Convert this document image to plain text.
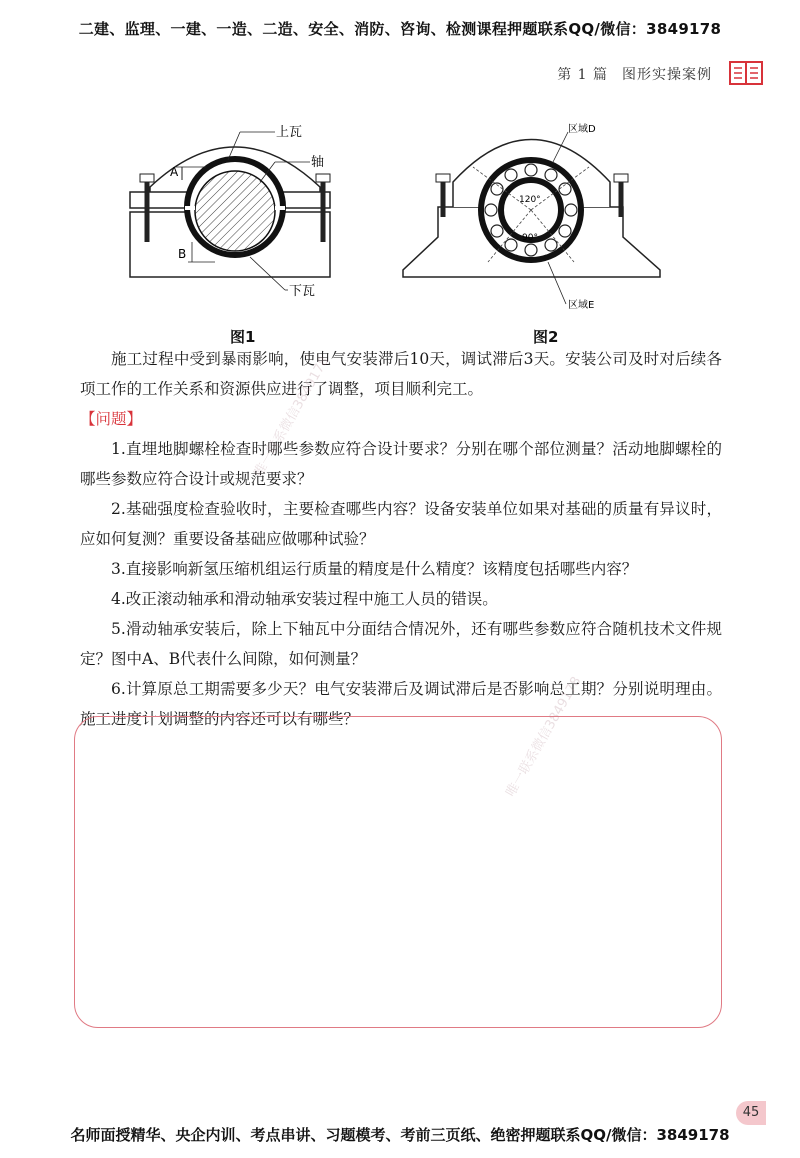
二建、监理、一建、一造、二造、安全、消防、咨询、检测课程押题联系QQ/微信：3849178
第 1 篇 图形实操案例
A
B
上瓦
轴
下瓦
120°
90°
区域D
区域E
图1	图2

施工过程中受到暴雨影响，使电气安装滞后10天，调试滞后3天。安装公司及时对后续各项工作的工作关系和资源供应进行了调整，项目顺利完工。

【问题】

1.直埋地脚螺栓检查时哪些参数应符合设计要求？分别在哪个部位测量？活动地脚螺栓的哪些参数应符合设计或规范要求？

2.基础强度检查验收时，主要检查哪些内容？设备安装单位如果对基础的质量有异议时，应如何复测？重要设备基础应做哪种试验？

3.直接影响新氢压缩机组运行质量的精度是什么精度？该精度包括哪些内容？

4.改正滚动轴承和滑动轴承安装过程中施工人员的错误。

5.滑动轴承安装后，除上下轴瓦中分面结合情况外，还有哪些参数应符合随机技术文件规定？图中A、B代表什么间隙，如何测量？

6.计算原总工期需要多少天？电气安装滞后及调试滞后是否影响总工期？分别说明理由。施工进度计划调整的内容还可以有哪些？

唯一联系微信3849178
唯一联系微信3849178
45
名师面授精华、央企内训、考点串讲、习题模考、考前三页纸、绝密押题联系QQ/微信：3849178
